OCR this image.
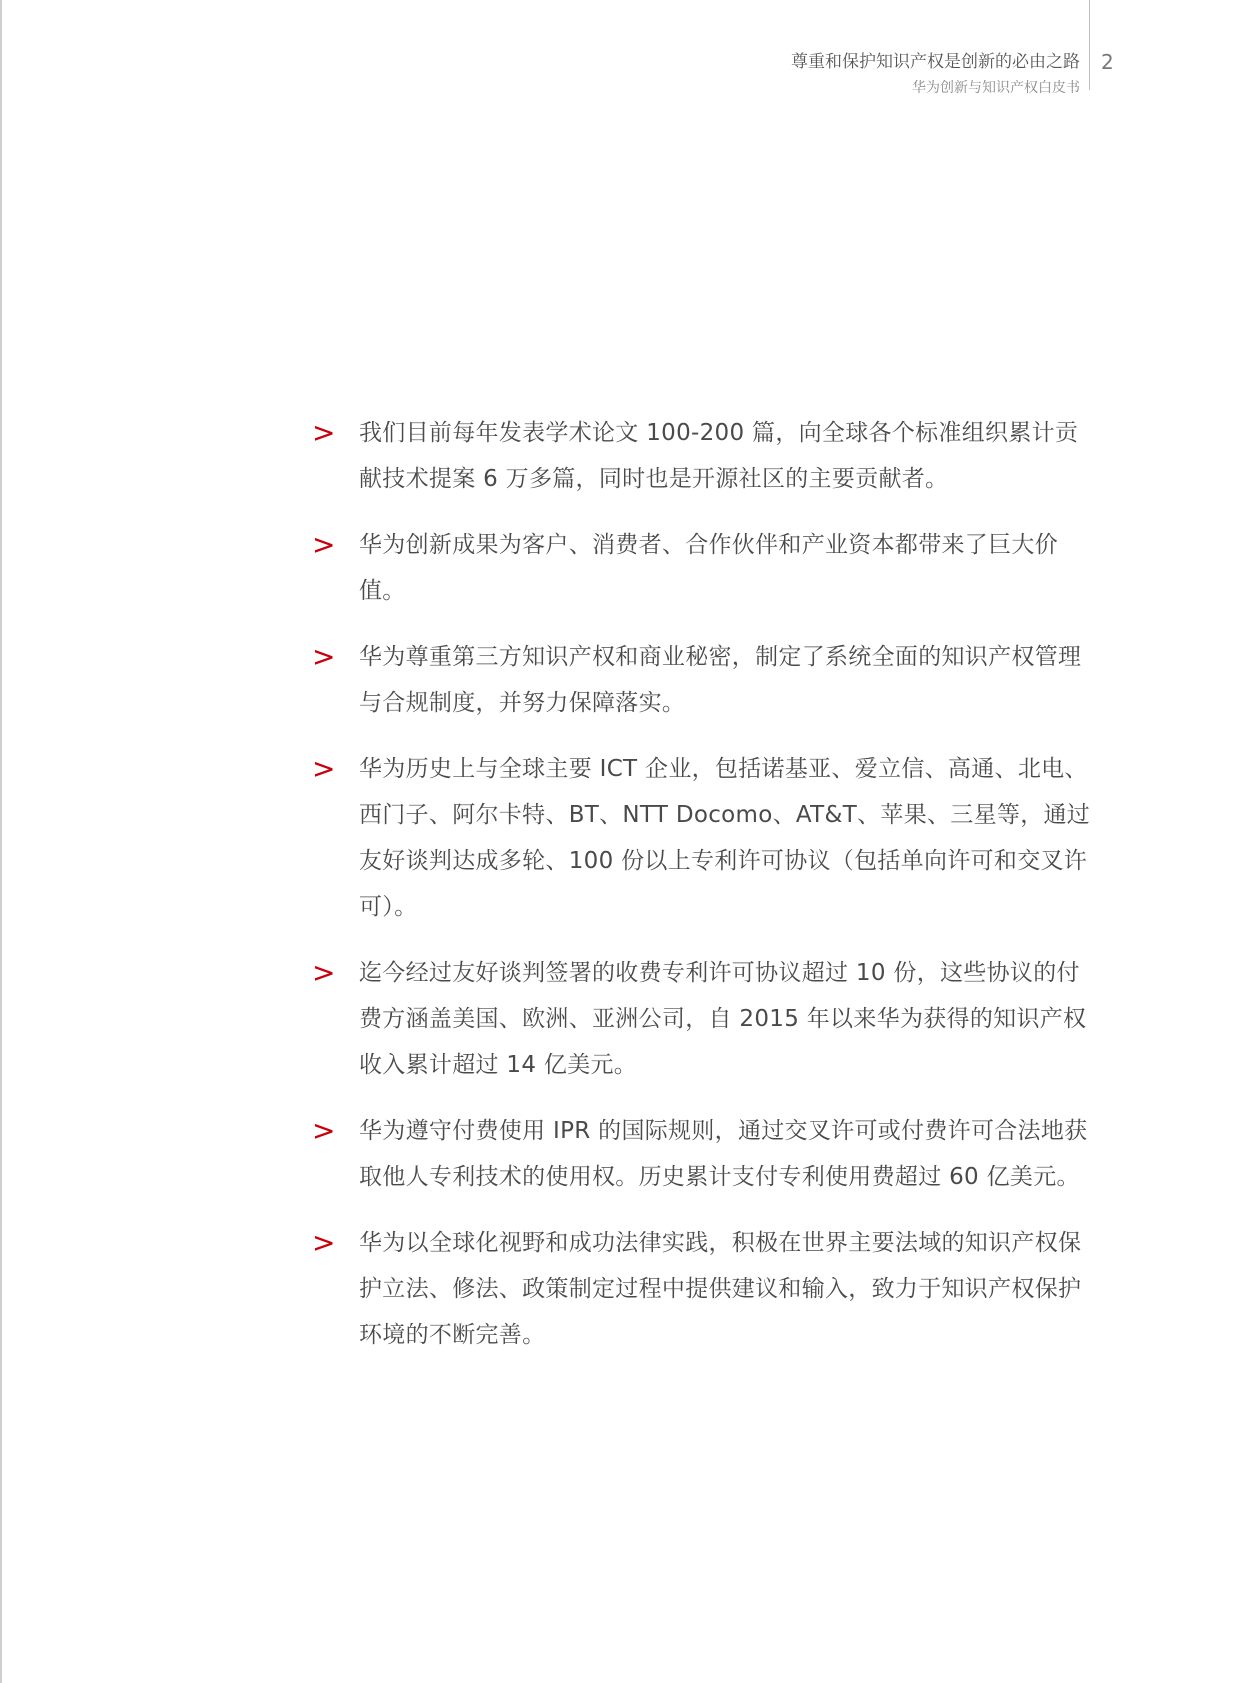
尊重和保护知识产权是创新的必由之路
华为创新与知识产权白皮书
2
>	我们目前每年发表学术论文 100-200 篇，向全球各个标准组织累计贡献技术提案 6 万多篇，同时也是开源社区的主要贡献者。
>	华为创新成果为客户、消费者、合作伙伴和产业资本都带来了巨大价值。
>	华为尊重第三方知识产权和商业秘密，制定了系统全面的知识产权管理与合规制度，并努力保障落实。
>	华为历史上与全球主要 ICT 企业，包括诺基亚、爱立信、高通、北电、西门子、阿尔卡特、BT、NTT Docomo、AT&T、苹果、三星等，通过友好谈判达成多轮、100 份以上专利许可协议（包括单向许可和交叉许可）。
>	迄今经过友好谈判签署的收费专利许可协议超过 10 份，这些协议的付费方涵盖美国、欧洲、亚洲公司，自 2015 年以来华为获得的知识产权收入累计超过 14 亿美元。
>	华为遵守付费使用 IPR 的国际规则，通过交叉许可或付费许可合法地获取他人专利技术的使用权。历史累计支付专利使用费超过 60 亿美元。
>	华为以全球化视野和成功法律实践，积极在世界主要法域的知识产权保护立法、修法、政策制定过程中提供建议和输入，致力于知识产权保护环境的不断完善。
